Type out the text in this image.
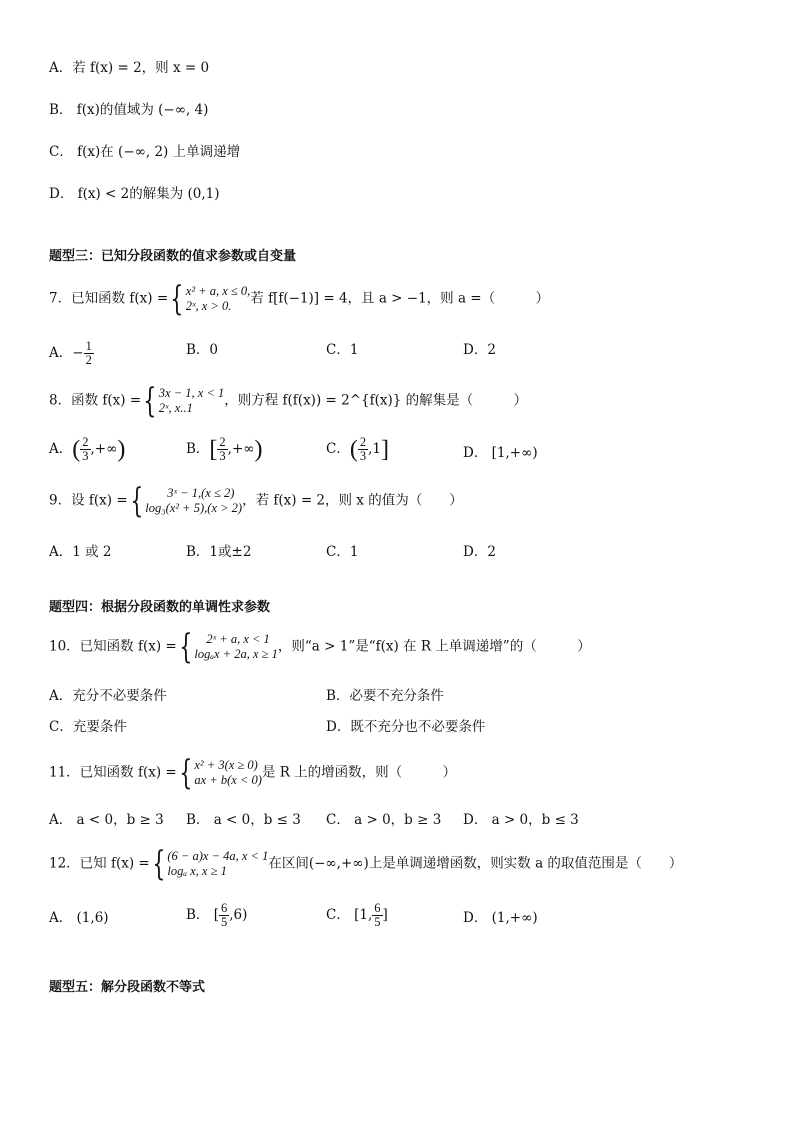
A．若 f(x) = 2，则 x = 0
B． f(x)的值域为 (−∞, 4)
C． f(x)在 (−∞, 2) 上单调递增
D． f(x) < 2的解集为 (0,1)
题型三：已知分段函数的值求参数或自变量
7．已知函数 f(x) ={ x² + a, x ≤ 0,
2ˣ, x > 0. 若 f[f(−1)] = 4，且 a > −1，则 a =（　　　）
A．− $\frac{1}{2}$	B．0	C．1	D．2
8．函数 f(x) ={ 3x − 1, x < 1
2ˣ, x..1 ，则方程 f(f(x)) = 2^{f(x)} 的解集是（　　　）
A．( $\frac{2}{3}$ ,+∞)	B．[ $\frac{2}{3}$ ,+∞)	C．( $\frac{2}{3} ,1$]	D． [1,+∞)
9．设 f(x) ={ 3ˣ − 1,(x ≤ 2)
log₃(x² + 5),(x > 2)，若 f(x) = 2，则 x 的值为（　　）
A．1 或 2	B．1或±2	C．1	D．2
题型四：根据分段函数的单调性求参数
10．已知函数 f(x) ={ 2ˣ + a, x < 1
logₐx + 2a, x ≥ 1，则“a > 1”是“f(x) 在 R 上单调递增”的（　　　）
A．充分不必要条件	B．必要不充分条件
C．充要条件	D．既不充分也不必要条件
11．已知函数 f(x) ={ x² + 3(x ≥ 0)
ax + b(x < 0)是 R 上的增函数，则（　　　）
A． a < 0，b ≥ 3 B． a < 0，b ≤ 3 C． a > 0，b ≥ 3 D． a > 0，b ≤ 3
12．已知 f(x) ={ (6 − a)x − 4a, x < 1
logₐ x, x ≥ 1	在区间(−∞,+∞)上是单调递增函数，则实数 a 的取值范围是（　　）
A． (1,6)	B． [ $\frac{6}{5} ,6$)	C． [1, $\frac{6}{5}$ ]	D． (1,+∞)
题型五：解分段函数不等式
